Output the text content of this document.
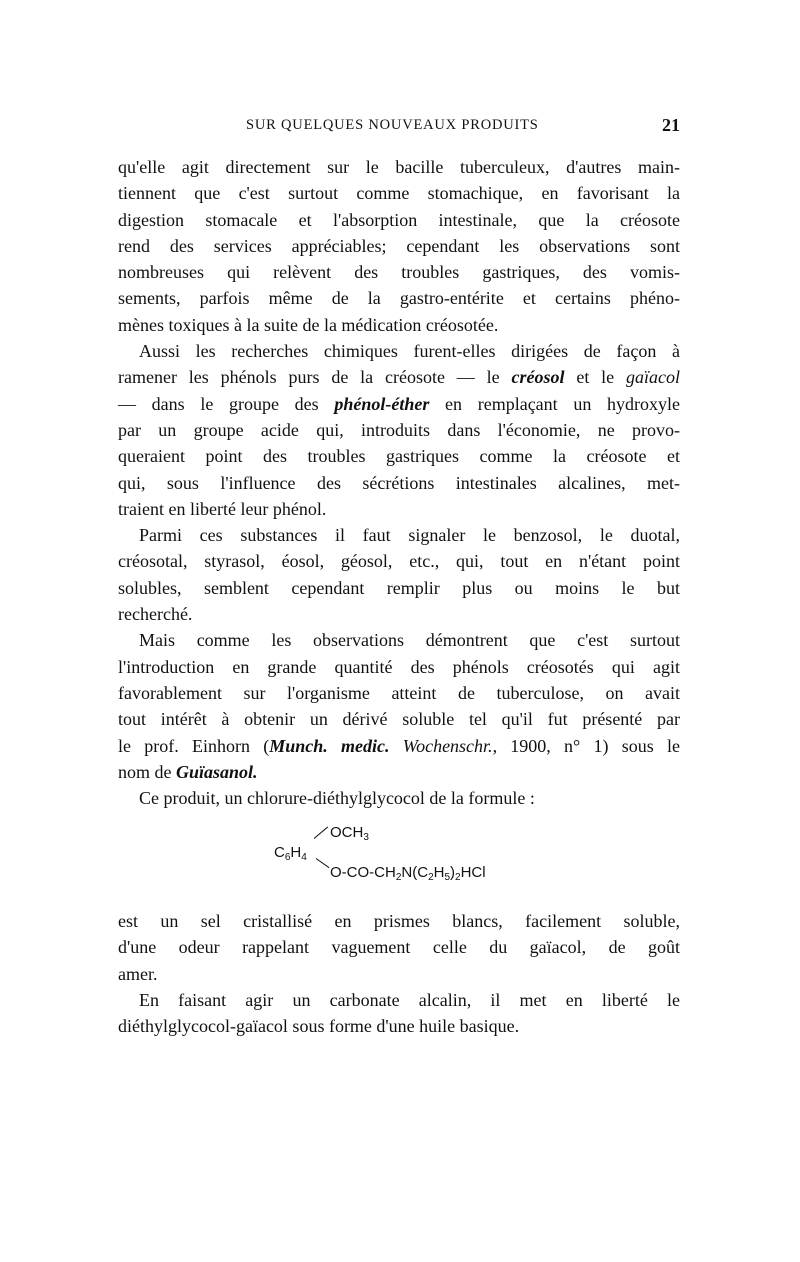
SUR QUELQUES NOUVEAUX PRODUITS	21
qu'elle agit directement sur le bacille tuberculeux, d'autres main-
tiennent que c'est surtout comme stomachique, en favorisant la
digestion stomacale et l'absorption intestinale, que la créosote
rend des services appréciables; cependant les observations sont
nombreuses qui relèvent des troubles gastriques, des vomis-
sements, parfois même de la gastro-entérite et certains phéno-
mènes toxiques à la suite de la médication créosotée.
Aussi les recherches chimiques furent-elles dirigées de façon à
ramener les phénols purs de la créosote — le créosol et le gaïacol
— dans le groupe des phénol-éther en remplaçant un hydroxyle
par un groupe acide qui, introduits dans l'économie, ne provo-
queraient point des troubles gastriques comme la créosote et
qui, sous l'influence des sécrétions intestinales alcalines, met-
traient en liberté leur phénol.
Parmi ces substances il faut signaler le benzosol, le duotal,
créosotal, styrasol, éosol, géosol, etc., qui, tout en n'étant point
solubles, semblent cependant remplir plus ou moins le but
recherché.
Mais comme les observations démontrent que c'est surtout
l'introduction en grande quantité des phénols créosotés qui agit
favorablement sur l'organisme atteint de tuberculose, on avait
tout intérêt à obtenir un dérivé soluble tel qu'il fut présenté par
le prof. Einhorn (Munch. medic. Wochenschr., 1900, n° 1) sous le
nom de Guïasanol.
Ce produit, un chlorure-diéthylglycocol de la formule :
$C_6H_4$
$OCH_3$
$O-CO-CH_2N(C_2H_5)_2HCl$
est un sel cristallisé en prismes blancs, facilement soluble,
d'une odeur rappelant vaguement celle du gaïacol, de goût
amer.
En faisant agir un carbonate alcalin, il met en liberté le
diéthylglycocol-gaïacol sous forme d'une huile basique.
